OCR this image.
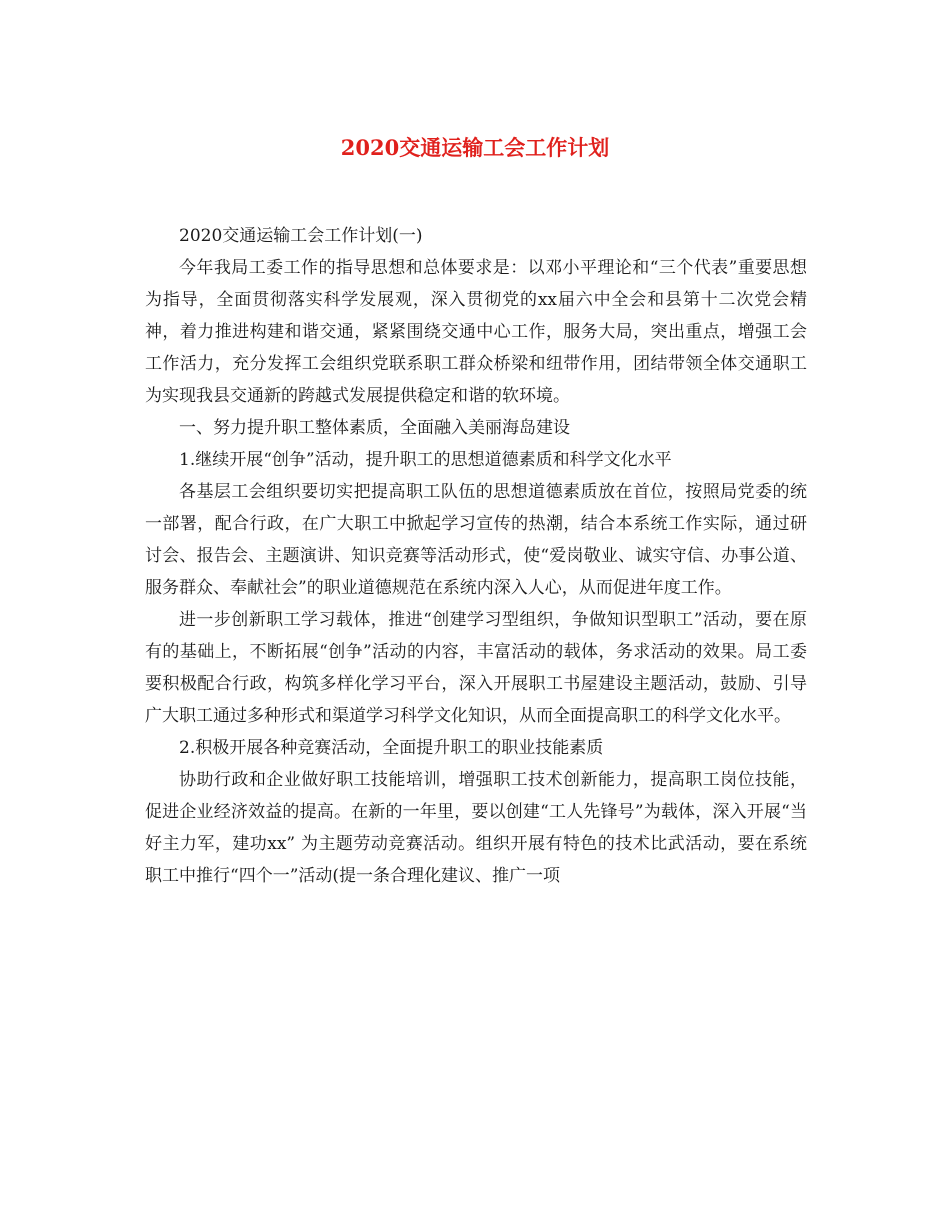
2020交通运输工会工作计划

2020交通运输工会工作计划(一)

今年我局工委工作的指导思想和总体要求是：以邓小平理论和“三个代表”重要思想为指导，全面贯彻落实科学发展观，深入贯彻党的xx届六中全会和县第十二次党会精神，着力推进构建和谐交通，紧紧围绕交通中心工作，服务大局，突出重点，增强工会工作活力，充分发挥工会组织党联系职工群众桥梁和纽带作用，团结带领全体交通职工为实现我县交通新的跨越式发展提供稳定和谐的软环境。

一、努力提升职工整体素质，全面融入美丽海岛建设

1.继续开展“创争”活动，提升职工的思想道德素质和科学文化水平

各基层工会组织要切实把提高职工队伍的思想道德素质放在首位，按照局党委的统一部署，配合行政，在广大职工中掀起学习宣传的热潮，结合本系统工作实际，通过研讨会、报告会、主题演讲、知识竞赛等活动形式，使“爱岗敬业、诚实守信、办事公道、服务群众、奉献社会”的职业道德规范在系统内深入人心，从而促进年度工作。

进一步创新职工学习载体，推进“创建学习型组织，争做知识型职工”活动，要在原有的基础上，不断拓展“创争”活动的内容，丰富活动的载体，务求活动的效果。局工委要积极配合行政，构筑多样化学习平台，深入开展职工书屋建设主题活动，鼓励、引导广大职工通过多种形式和渠道学习科学文化知识，从而全面提高职工的科学文化水平。

2.积极开展各种竞赛活动，全面提升职工的职业技能素质

协助行政和企业做好职工技能培训，增强职工技术创新能力，提高职工岗位技能，促进企业经济效益的提高。在新的一年里，要以创建“工人先锋号”为载体，深入开展“当好主力军，建功xx” 为主题劳动竞赛活动。组织开展有特色的技术比武活动，要在系统职工中推行“四个一”活动(提一条合理化建议、推广一项
